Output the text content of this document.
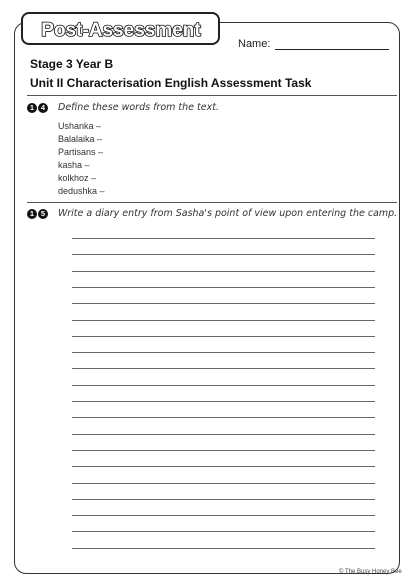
Post-Assessment
Name:
Stage 3 Year B
Unit II Characterisation English Assessment Task
1 4	Define these words from the text.
Ushanka –
Balalaika –
Partisans –
kasha –
kolkhoz –
dedushka –
1 5	Write a diary entry from Sasha's point of view upon entering the camp.
© The Busy Honey Bee
